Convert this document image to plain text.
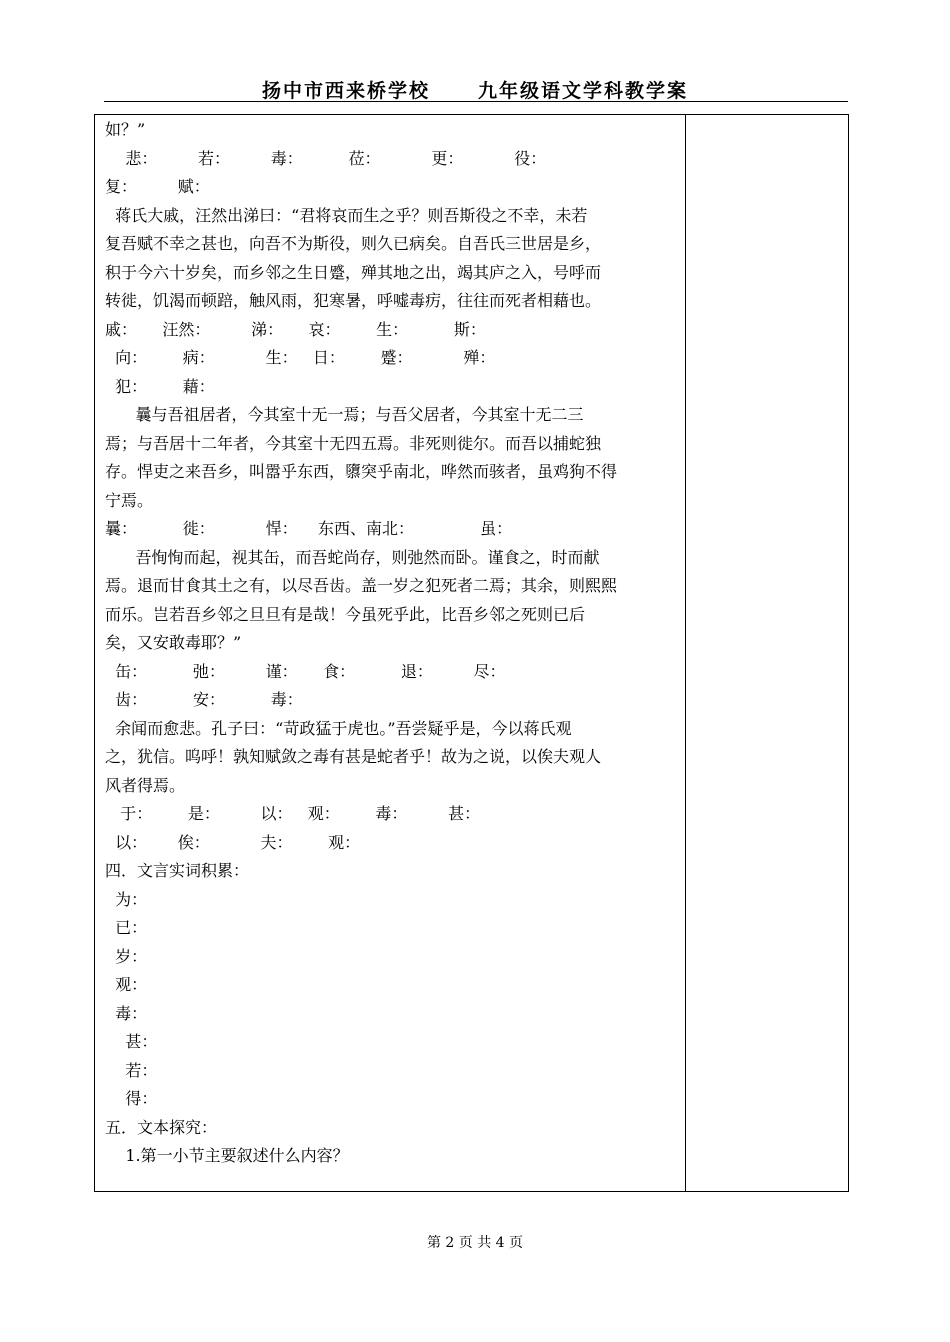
扬中市西来桥学校	九年级语文学科教学案
如？”
悲：        若：        毒：         莅：          更：          役：
复：        赋：
蒋氏大戚，汪然出涕曰：“君将哀而生之乎？则吾斯役之不幸，未若
复吾赋不幸之甚也，向吾不为斯役，则久已病矣。自吾氏三世居是乡，
积于今六十岁矣，而乡邻之生日蹙，殚其地之出，竭其庐之入，号呼而
转徙，饥渴而顿踣，触风雨，犯寒暑，呼嘘毒疠，往往而死者相藉也。
戚：     汪然：        涕：     哀：       生：         斯：
向：       病：          生：   日：       蹙：          殚：
犯：       藉：
曩与吾祖居者，今其室十无一焉；与吾父居者，今其室十无二三
焉；与吾居十二年者，今其室十无四五焉。非死则徙尔。而吾以捕蛇独
存。悍吏之来吾乡，叫嚣乎东西，隳突乎南北，哗然而骇者，虽鸡狗不得
宁焉。
曩：         徙：          悍：    东西、南北：             虽：
吾恂恂而起，视其缶，而吾蛇尚存，则弛然而卧。谨食之，时而献
焉。退而甘食其土之有，以尽吾齿。盖一岁之犯死者二焉；其余，则熙熙
而乐。岂若吾乡邻之旦旦有是哉！今虽死乎此，比吾乡邻之死则已后
矣，又安敢毒耶？”
缶：         弛：        谨：     食：         退：        尽：
齿：         安：         毒：
余闻而愈悲。孔子曰：“苛政猛于虎也。”吾尝疑乎是，今以蒋氏观
之，犹信。呜呼！孰知赋敛之毒有甚是蛇者乎！故为之说，以俟夫观人
风者得焉。
于：       是：        以：   观：       毒：        甚：
以：      俟：          夫：       观：
四．文言实词积累：
为：
已：
岁：
观：
毒：
甚：
若：
得：
五．文本探究：
1.第一小节主要叙述什么内容？
第 2 页 共 4 页
